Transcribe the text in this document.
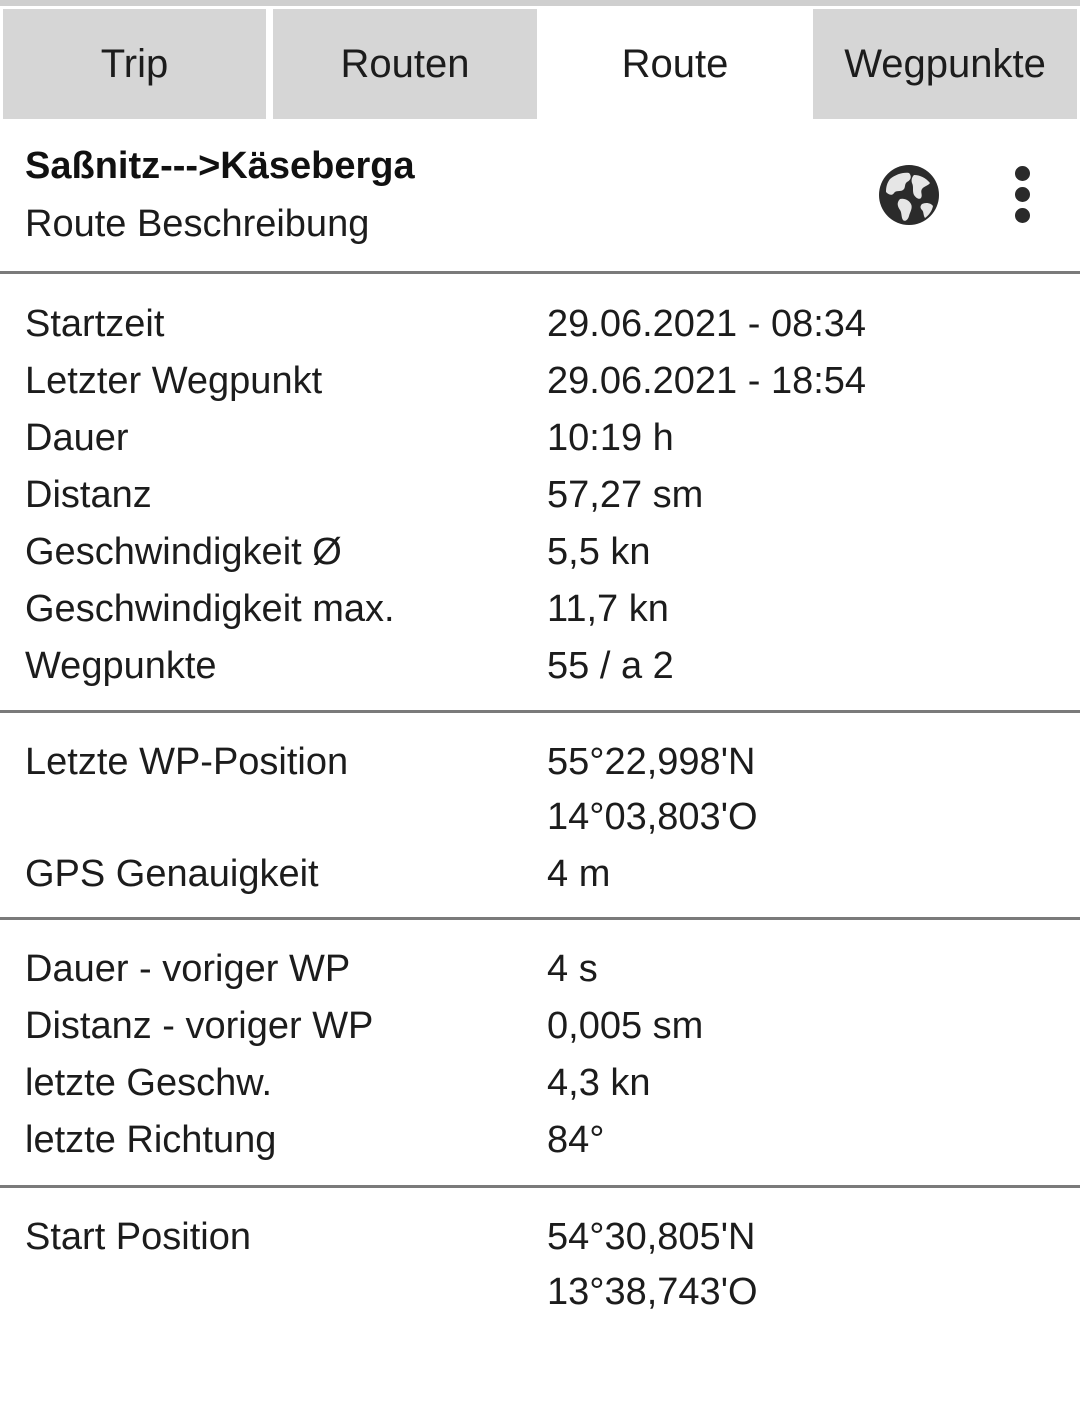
Trip	Routen	Route	Wegpunkte
Saßnitz--->Käseberga
Route Beschreibung
Startzeit	29.06.2021 - 08:34
Letzter Wegpunkt	29.06.2021 - 18:54
Dauer	10:19 h
Distanz	57,27 sm
Geschwindigkeit Ø	5,5 kn
Geschwindigkeit max.	11,7 kn
Wegpunkte	55 / a 2
Letzte WP-Position	55°22,998'N
14°03,803'O
GPS Genauigkeit	4 m
Dauer - voriger WP	4 s
Distanz - voriger WP	0,005 sm
letzte Geschw.	4,3 kn
letzte Richtung	84°
Start Position	54°30,805'N
13°38,743'O
